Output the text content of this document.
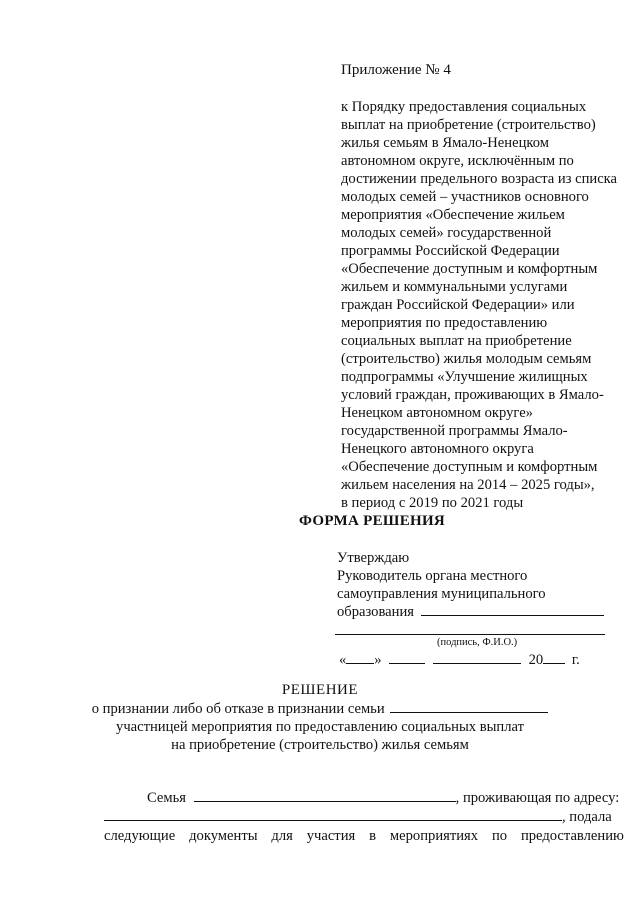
Приложение № 4
к Порядку предоставления социальных
выплат на приобретение (строительство)
жилья семьям в Ямало-Ненецком
автономном округе, исключённым по
достижении предельного возраста из списка
молодых семей – участников основного
мероприятия «Обеспечение жильем
молодых семей» государственной
программы Российской Федерации
«Обеспечение доступным и комфортным
жильем и коммунальными услугами
граждан Российской Федерации» или
мероприятия по предоставлению
социальных выплат на приобретение
(строительство) жилья молодым семьям
подпрограммы «Улучшение жилищных
условий граждан, проживающих в Ямало-
Ненецком автономном округе»
государственной программы Ямало-
Ненецкого автономного округа
«Обеспечение доступным и комфортным
жильем населения на 2014 – 2025 годы»,
в период с 2019 по 2021 годы
ФОРМА РЕШЕНИЯ
Утверждаю
Руководитель органа местного
самоуправления муниципального
образования
(подпись, Ф.И.О.)
« »	20 г.
РЕШЕНИЕ
о признании либо об отказе в признании семьи
участницей мероприятия по предоставлению социальных выплат
на приобретение (строительство) жилья семьям
Семья	, проживающая по адресу:
, подала
следующие документы для участия в мероприятиях по предоставлению
